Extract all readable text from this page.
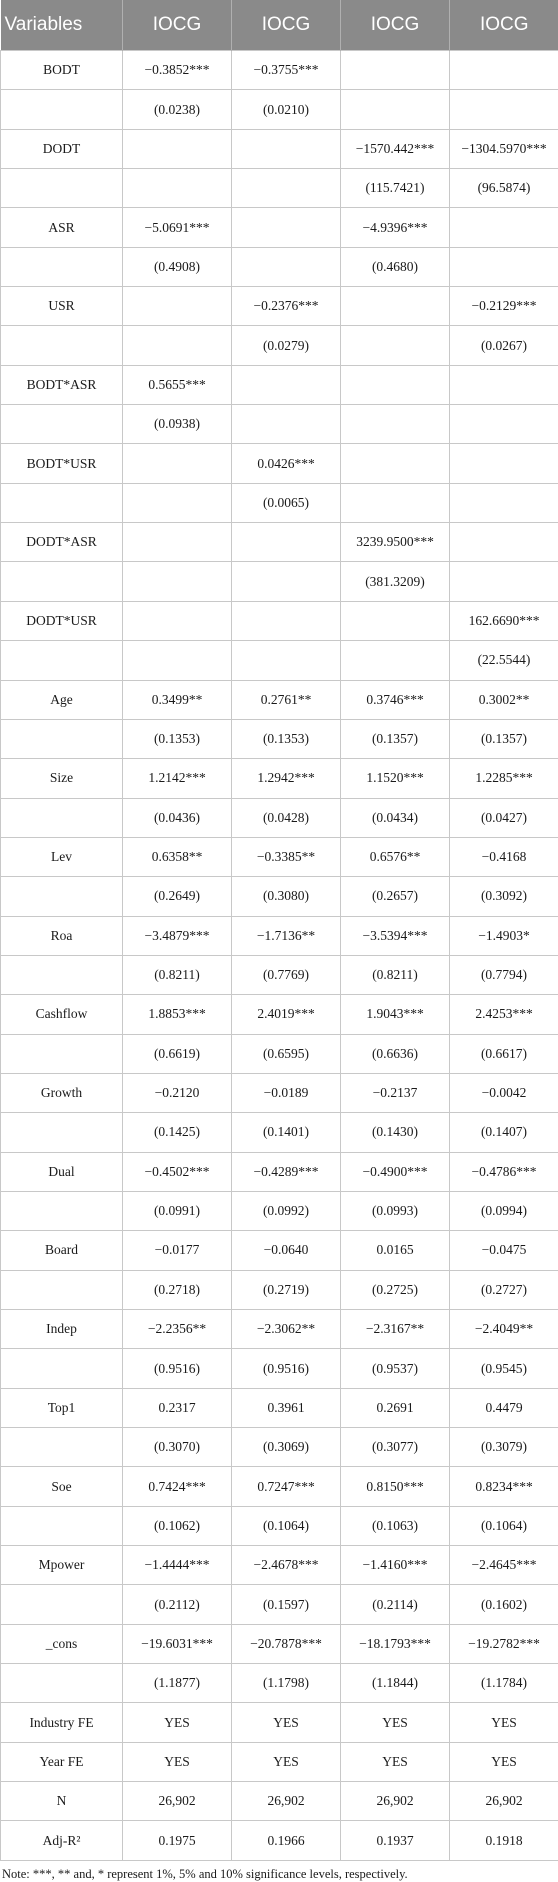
Variables	IOCG	IOCG	IOCG	IOCG
BODT	−0.3852***	−0.3755***		
	(0.0238)	(0.0210)		
DODT			−1570.442***	−1304.5970***
			(115.7421)	(96.5874)
ASR	−5.0691***		−4.9396***	
	(0.4908)		(0.4680)	
USR		−0.2376***		−0.2129***
		(0.0279)		(0.0267)
BODT*ASR	0.5655***			
	(0.0938)			
BODT*USR		0.0426***		
		(0.0065)		
DODT*ASR			3239.9500***	
			(381.3209)	
DODT*USR				162.6690***
				(22.5544)
Age	0.3499**	0.2761**	0.3746***	0.3002**
	(0.1353)	(0.1353)	(0.1357)	(0.1357)
Size	1.2142***	1.2942***	1.1520***	1.2285***
	(0.0436)	(0.0428)	(0.0434)	(0.0427)
Lev	0.6358**	−0.3385**	0.6576**	−0.4168
	(0.2649)	(0.3080)	(0.2657)	(0.3092)
Roa	−3.4879***	−1.7136**	−3.5394***	−1.4903*
	(0.8211)	(0.7769)	(0.8211)	(0.7794)
Cashflow	1.8853***	2.4019***	1.9043***	2.4253***
	(0.6619)	(0.6595)	(0.6636)	(0.6617)
Growth	−0.2120	−0.0189	−0.2137	−0.0042
	(0.1425)	(0.1401)	(0.1430)	(0.1407)
Dual	−0.4502***	−0.4289***	−0.4900***	−0.4786***
	(0.0991)	(0.0992)	(0.0993)	(0.0994)
Board	−0.0177	−0.0640	0.0165	−0.0475
	(0.2718)	(0.2719)	(0.2725)	(0.2727)
Indep	−2.2356**	−2.3062**	−2.3167**	−2.4049**
	(0.9516)	(0.9516)	(0.9537)	(0.9545)
Top1	0.2317	0.3961	0.2691	0.4479
	(0.3070)	(0.3069)	(0.3077)	(0.3079)
Soe	0.7424***	0.7247***	0.8150***	0.8234***
	(0.1062)	(0.1064)	(0.1063)	(0.1064)
Mpower	−1.4444***	−2.4678***	−1.4160***	−2.4645***
	(0.2112)	(0.1597)	(0.2114)	(0.1602)
_cons	−19.6031***	−20.7878***	−18.1793***	−19.2782***
	(1.1877)	(1.1798)	(1.1844)	(1.1784)
Industry FE	YES	YES	YES	YES
Year FE	YES	YES	YES	YES
N	26,902	26,902	26,902	26,902
Adj-R²	0.1975	0.1966	0.1937	0.1918
Note: ***, ** and, * represent 1%, 5% and 10% significance levels, respectively.
